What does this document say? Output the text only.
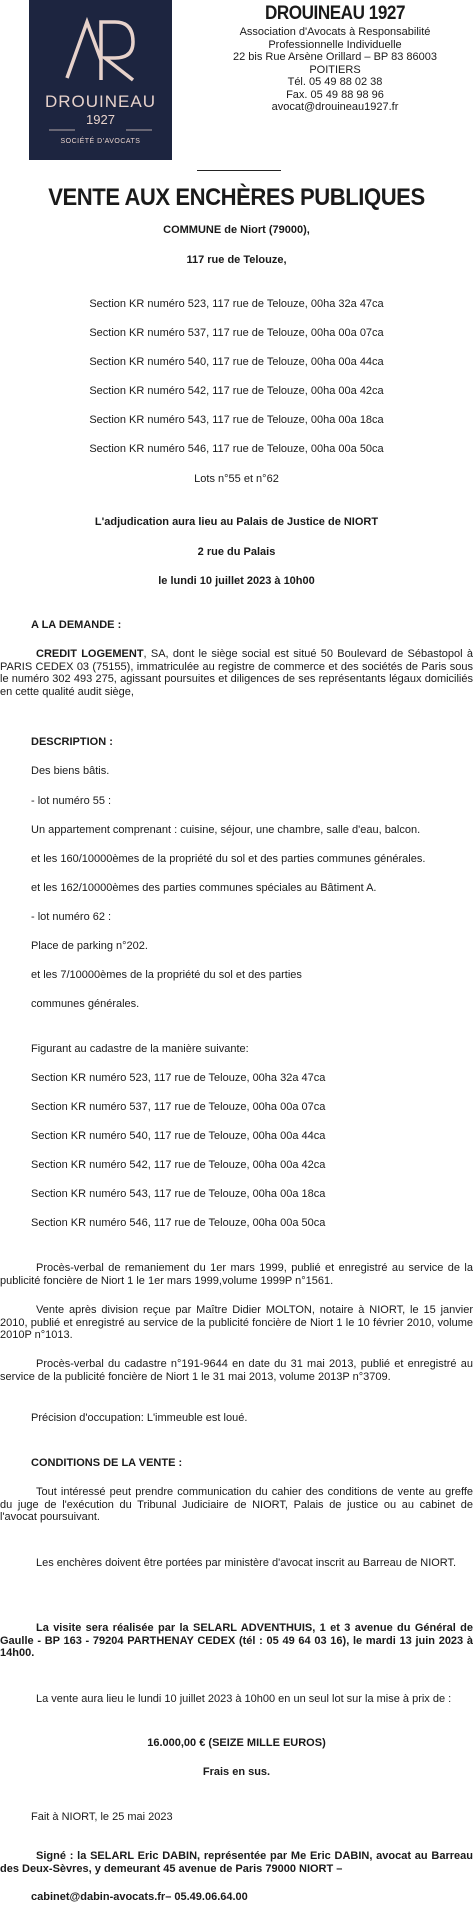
DROUINEAU
1927
SOCIÉTÉ D'AVOCATS
DROUINEAU 1927
Association d'Avocats à Responsabilité
Professionnelle Individuelle
22 bis Rue Arsène Orillard – BP 83 86003
POITIERS
Tél. 05 49 88 02 38
Fax. 05 49 88 98 96
avocat@drouineau1927.fr
VENTE AUX ENCHÈRES PUBLIQUES
COMMUNE de Niort (79000),
117 rue de Telouze,
Section KR numéro 523, 117 rue de Telouze, 00ha 32a 47ca
Section KR numéro 537, 117 rue de Telouze, 00ha 00a 07ca
Section KR numéro 540, 117 rue de Telouze, 00ha 00a 44ca
Section KR numéro 542, 117 rue de Telouze, 00ha 00a 42ca
Section KR numéro 543, 117 rue de Telouze, 00ha 00a 18ca
Section KR numéro 546, 117 rue de Telouze, 00ha 00a 50ca
Lots n°55 et n°62
L'adjudication aura lieu au Palais de Justice de NIORT
2 rue du Palais
le lundi 10 juillet 2023 à 10h00
A LA DEMANDE :
CREDIT LOGEMENT, SA, dont le siège social est situé 50 Boulevard de Sébastopol à PARIS CEDEX 03 (75155), immatriculée au registre de commerce et des sociétés de Paris sous le numéro 302 493 275, agissant poursuites et diligences de ses représentants légaux domiciliés en cette qualité audit siège,
DESCRIPTION :
Des biens bâtis.
- lot numéro 55 :
Un appartement comprenant : cuisine, séjour, une chambre, salle d'eau, balcon.
et les 160/10000èmes de la propriété du sol et des parties communes générales.
et les 162/10000èmes des parties communes spéciales au Bâtiment A.
- lot numéro 62 :
Place de parking n°202.
et les 7/10000èmes de la propriété du sol et des parties
communes générales.
Figurant au cadastre de la manière suivante:
Section KR numéro 523, 117 rue de Telouze, 00ha 32a 47ca
Section KR numéro 537, 117 rue de Telouze, 00ha 00a 07ca
Section KR numéro 540, 117 rue de Telouze, 00ha 00a 44ca
Section KR numéro 542, 117 rue de Telouze, 00ha 00a 42ca
Section KR numéro 543, 117 rue de Telouze, 00ha 00a 18ca
Section KR numéro 546, 117 rue de Telouze, 00ha 00a 50ca
Procès-verbal de remaniement du 1er mars 1999, publié et enregistré au service de la publicité foncière de Niort 1 le 1er mars 1999,volume 1999P n°1561.
Vente après division reçue par Maître Didier MOLTON, notaire à NIORT, le 15 janvier 2010, publié et enregistré au service de la publicité foncière de Niort 1 le 10 février 2010, volume 2010P n°1013.
Procès-verbal du cadastre n°191-9644 en date du 31 mai 2013, publié et enregistré au service de la publicité foncière de Niort 1 le 31 mai 2013, volume 2013P n°3709.
Précision d'occupation: L'immeuble est loué.
CONDITIONS DE LA VENTE :
Tout intéressé peut prendre communication du cahier des conditions de vente au greffe du juge de l'exécution du Tribunal Judiciaire de NIORT, Palais de justice ou au cabinet de l'avocat poursuivant.
Les enchères doivent être portées par ministère d'avocat inscrit au Barreau de NIORT.
La visite sera réalisée par la SELARL ADVENTHUIS, 1 et 3 avenue du Général de Gaulle - BP 163 - 79204 PARTHENAY CEDEX (tél : 05 49 64 03 16), le mardi 13 juin 2023 à 14h00.
La vente aura lieu le lundi 10 juillet 2023 à 10h00 en un seul lot sur la mise à prix de :
16.000,00 € (SEIZE MILLE EUROS)
Frais en sus.
Fait à NIORT, le 25 mai 2023
Signé : la SELARL Eric DABIN, représentée par Me Eric DABIN, avocat au Barreau des Deux-Sèvres, y demeurant 45 avenue de Paris 79000 NIORT –
cabinet@dabin-avocats.fr– 05.49.06.64.00
